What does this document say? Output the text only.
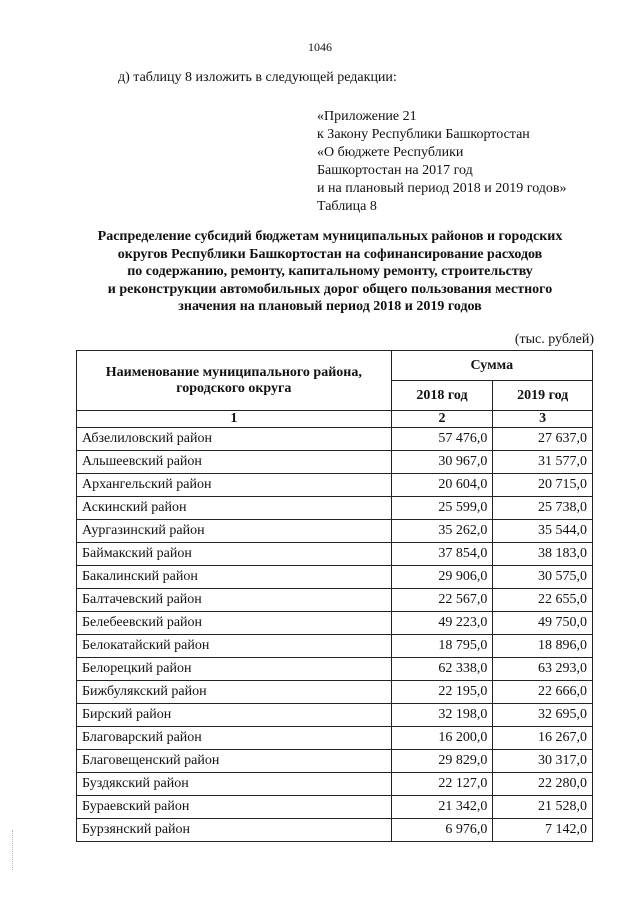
1046
д) таблицу 8 изложить в следующей редакции:
«Приложение 21
к Закону Республики Башкортостан
«О бюджете Республики
Башкортостан на 2017 год
и на плановый период 2018 и 2019 годов»
Таблица 8
Распределение субсидий бюджетам муниципальных районов и городских
округов Республики Башкортостан на софинансирование расходов
по содержанию, ремонту, капитальному ремонту, строительству
и реконструкции автомобильных дорог общего пользования местного
значения на плановый период 2018 и 2019 годов
(тыс. рублей)
Наименование муниципального района, городского округа	Сумма	
	2018 год	2019 год
1	2	3
Абзелиловский район	57 476,0	27 637,0
Альшеевский район	30 967,0	31 577,0
Архангельский район	20 604,0	20 715,0
Аскинский район	25 599,0	25 738,0
Аургазинский район	35 262,0	35 544,0
Баймакский район	37 854,0	38 183,0
Бакалинский район	29 906,0	30 575,0
Балтачевский район	22 567,0	22 655,0
Белебеевский район	49 223,0	49 750,0
Белокатайский район	18 795,0	18 896,0
Белорецкий район	62 338,0	63 293,0
Бижбулякский район	22 195,0	22 666,0
Бирский район	32 198,0	32 695,0
Благоварский район	16 200,0	16 267,0
Благовещенский район	29 829,0	30 317,0
Буздякский район	22 127,0	22 280,0
Бураевский район	21 342,0	21 528,0
Бурзянский район	6 976,0	7 142,0
